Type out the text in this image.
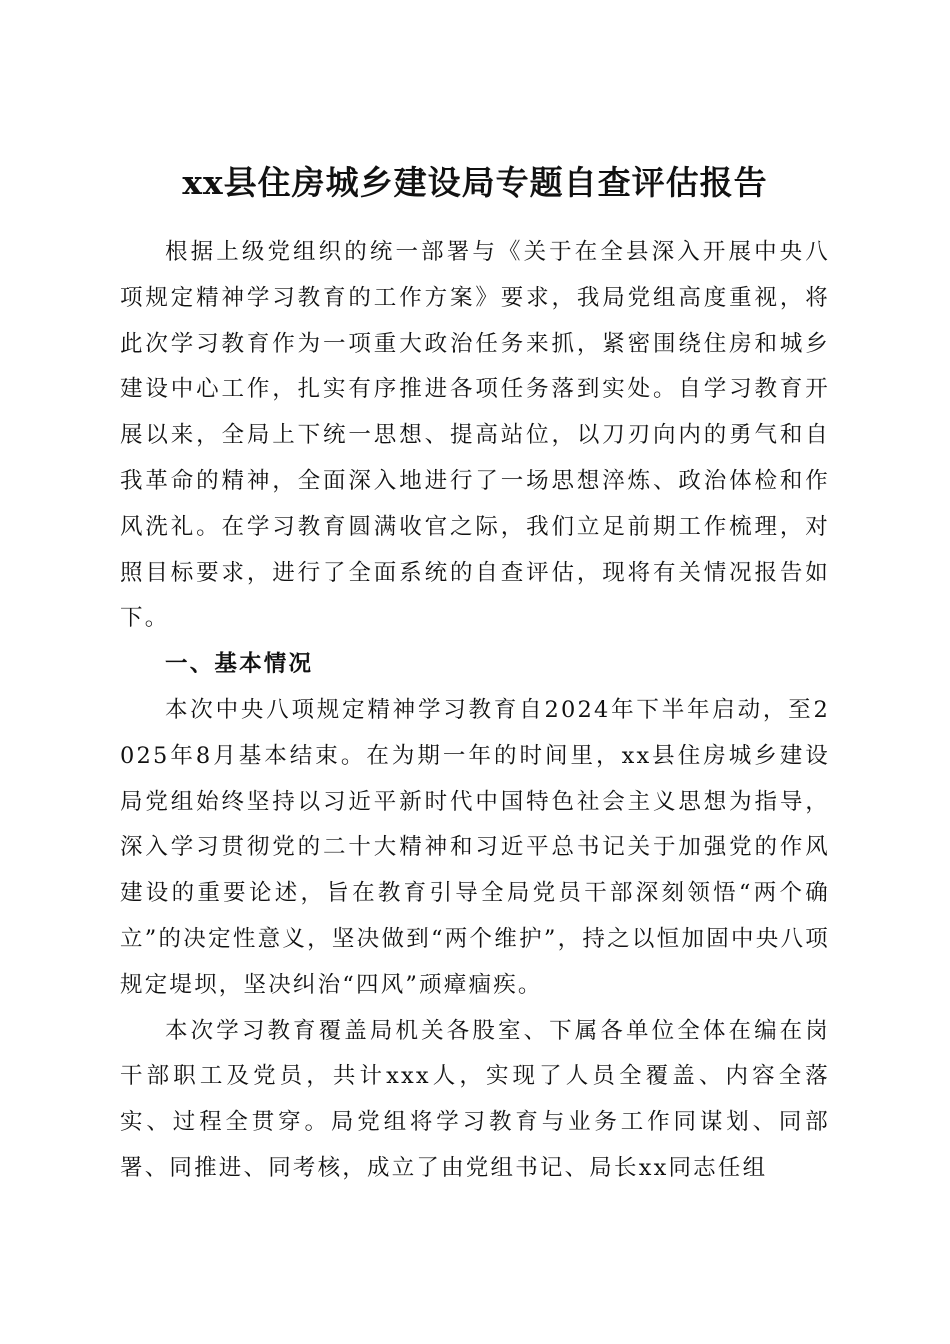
xx县住房城乡建设局专题自查评估报告

根据上级党组织的统一部署与《关于在全县深入开展中央八项规定精神学习教育的工作方案》要求，我局党组高度重视，将此次学习教育作为一项重大政治任务来抓，紧密围绕住房和城乡建设中心工作，扎实有序推进各项任务落到实处。自学习教育开展以来，全局上下统一思想、提高站位，以刀刃向内的勇气和自我革命的精神，全面深入地进行了一场思想淬炼、政治体检和作风洗礼。在学习教育圆满收官之际，我们立足前期工作梳理，对照目标要求，进行了全面系统的自查评估，现将有关情况报告如下。

一、基本情况

本次中央八项规定精神学习教育自2024年下半年启动，至2025年8月基本结束。在为期一年的时间里，xx县住房城乡建设局党组始终坚持以习近平新时代中国特色社会主义思想为指导，深入学习贯彻党的二十大精神和习近平总书记关于加强党的作风建设的重要论述，旨在教育引导全局党员干部深刻领悟“两个确立”的决定性意义，坚决做到“两个维护”，持之以恒加固中央八项规定堤坝，坚决纠治“四风”顽瘴痼疾。

本次学习教育覆盖局机关各股室、下属各单位全体在编在岗干部职工及党员，共计xxx人，实现了人员全覆盖、内容全落实、过程全贯穿。局党组将学习教育与业务工作同谋划、同部署、同推进、同考核，成立了由党组书记、局长xx同志任组
